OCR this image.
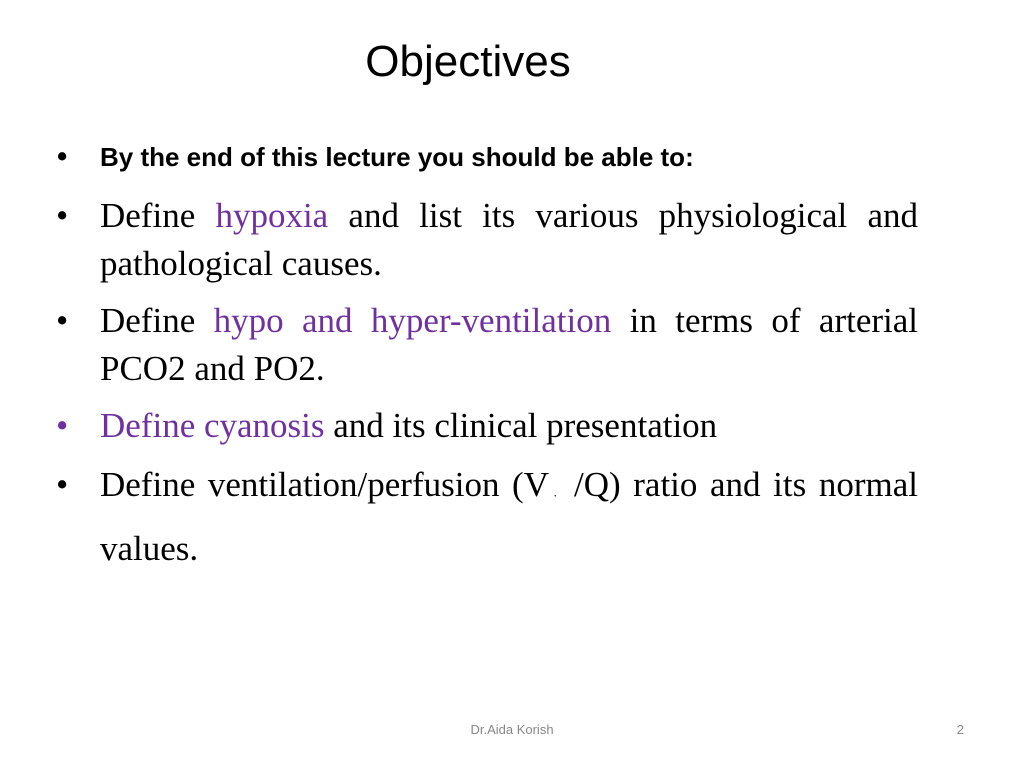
Objectives
• By the end of this lecture you should be able to:
• Define hypoxia and list its various physiological and pathological causes.
• Define hypo and hyper-ventilation in terms of arterial PCO2 and PO2.
• Define cyanosis and its clinical presentation
• Define ventilation/perfusion ($V_˙$ /Q) ratio and its normal values.
Dr.Aida Korish	2
